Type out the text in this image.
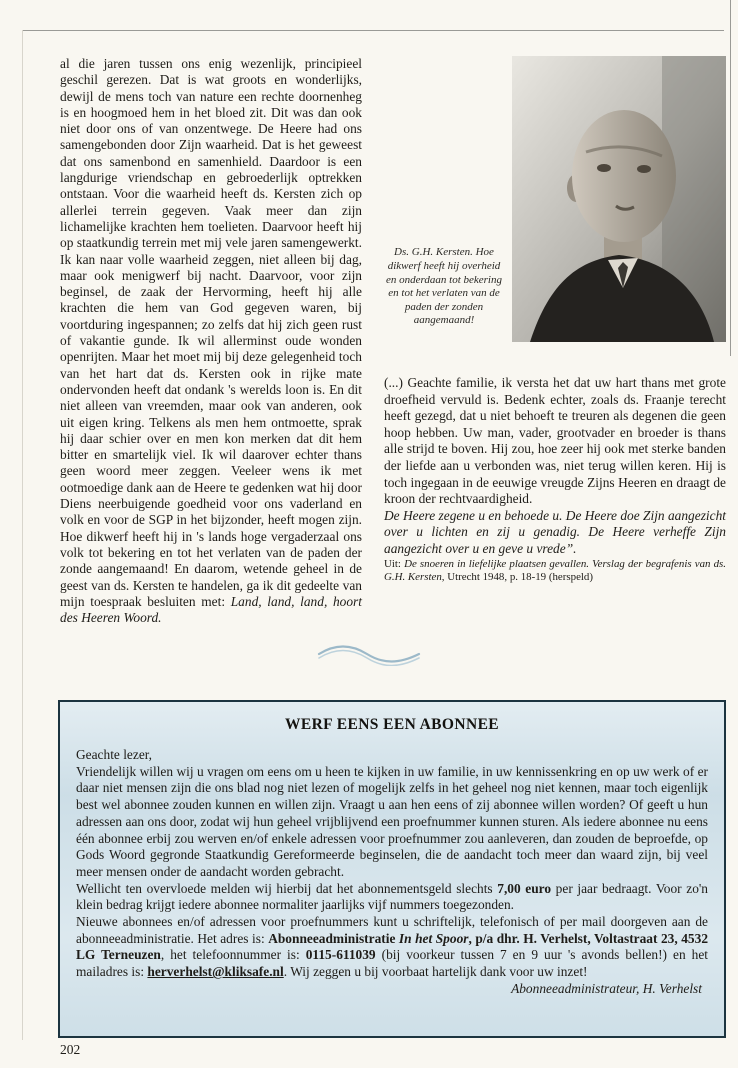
al die jaren tussen ons enig wezenlijk, principieel geschil gerezen. Dat is wat groots en wonderlijks, dewijl de mens toch van nature een rechte doornenheg is en hoogmoed hem in het bloed zit. Dit was dan ook niet door ons of van onzentwege. De Heere had ons samengebonden door Zijn waarheid. Dat is het geweest dat ons samenbond en samenhield. Daardoor is een langdurige vriendschap en gebroederlijk optrekken ontstaan. Voor die waarheid heeft ds. Kersten zich op allerlei terrein gegeven. Vaak meer dan zijn lichamelijke krachten hem toelieten. Daarvoor heeft hij op staatkundig terrein met mij vele jaren samengewerkt. Ik kan naar volle waarheid zeggen, niet alleen bij dag, maar ook menigwerf bij nacht. Daarvoor, voor zijn beginsel, de zaak der Hervorming, heeft hij alle krachten die hem van God gegeven waren, bij voortduring ingespannen; zo zelfs dat hij zich geen rust of vakantie gunde. Ik wil allerminst oude wonden openrijten. Maar het moet mij bij deze gelegenheid toch van het hart dat ds. Kersten ook in rijke mate ondervonden heeft dat ondank 's werelds loon is. En dit niet alleen van vreemden, maar ook van anderen, ook uit eigen kring. Telkens als men hem ontmoette, sprak hij daar schier over en men kon merken dat dit hem bitter en smartelijk viel. Ik wil daarover echter thans geen woord meer zeggen. Veeleer wens ik met ootmoedige dank aan de Heere te gedenken wat hij door Diens neerbuigende goedheid voor ons vaderland en volk en voor de SGP in het bijzonder, heeft mogen zijn. Hoe dikwerf heeft hij in 's lands hoge vergaderzaal ons volk tot bekering en tot het verlaten van de paden der zonde aangemaand! En daarom, wetende geheel in de geest van ds. Kersten te handelen, ga ik dit gedeelte van mijn toespraak besluiten met: Land, land, land, hoort des Heeren Woord.

Ds. G.H. Kersten. Hoe dikwerf heeft hij overheid en onderdaan tot bekering en tot het verlaten van de paden der zonden aangemaand!

(...) Geachte familie, ik versta het dat uw hart thans met grote droefheid vervuld is. Bedenk echter, zoals ds. Fraanje terecht heeft gezegd, dat u niet behoeft te treuren als degenen die geen hoop hebben. Uw man, vader, grootvader en broeder is thans alle strijd te boven. Hij zou, hoe zeer hij ook met sterke banden der liefde aan u verbonden was, niet terug willen keren. Hij is toch ingegaan in de eeuwige vreugde Zijns Heeren en draagt de kroon der rechtvaardigheid.

De Heere zegene u en behoede u. De Heere doe Zijn aangezicht over u lichten en zij u genadig. De Heere verheffe Zijn aangezicht over u en geve u vrede”.

Uit: De snoeren in liefelijke plaatsen gevallen. Verslag der begrafenis van ds. G.H. Kersten, Utrecht 1948, p. 18-19 (herspeld)

WERF EENS EEN ABONNEE

Geachte lezer,

Vriendelijk willen wij u vragen om eens om u heen te kijken in uw familie, in uw kennissenkring en op uw werk of er daar niet mensen zijn die ons blad nog niet lezen of mogelijk zelfs in het geheel nog niet kennen, maar toch eigenlijk best wel abonnee zouden kunnen en willen zijn. Vraagt u aan hen eens of zij abonnee willen worden? Of geeft u hun adressen aan ons door, zodat wij hun geheel vrijblijvend een proefnummer kunnen sturen. Als iedere abonnee nu eens één abonnee erbij zou werven en/of enkele adressen voor proefnummer zou aanleveren, dan zouden de beproefde, op Gods Woord gegronde Staatkundig Gereformeerde beginselen, die de aandacht toch meer dan waard zijn, bij veel meer mensen onder de aandacht worden gebracht.

Wellicht ten overvloede melden wij hierbij dat het abonnementsgeld slechts 7,00 euro per jaar bedraagt. Voor zo'n klein bedrag krijgt iedere abonnee normaliter jaarlijks vijf nummers toegezonden.

Nieuwe abonnees en/of adressen voor proefnummers kunt u schriftelijk, telefonisch of per mail doorgeven aan de abonneeadministratie. Het adres is: Abonneeadministratie In het Spoor, p/a dhr. H. Verhelst, Voltastraat 23, 4532 LG Terneuzen, het telefoonnummer is: 0115-611039 (bij voorkeur tussen 7 en 9 uur 's avonds bellen!) en het mailadres is: herverhelst@kliksafe.nl. Wij zeggen u bij voorbaat hartelijk dank voor uw inzet!

Abonneeadministrateur, H. Verhelst

202
